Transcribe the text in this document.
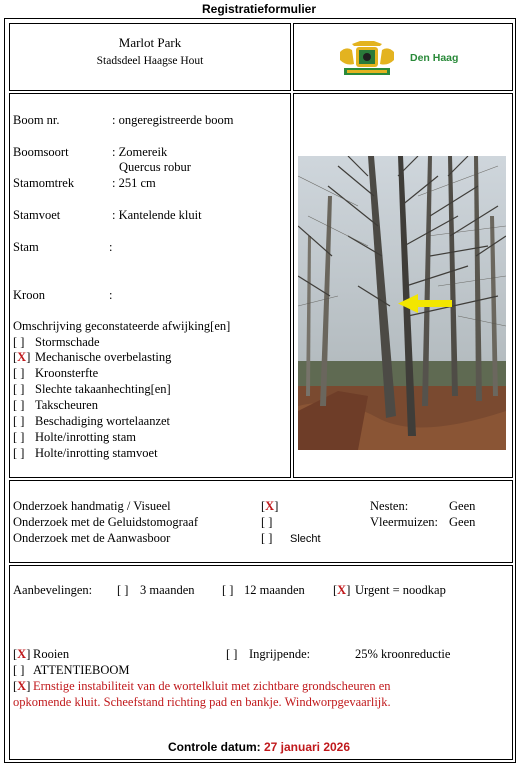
Registratieformulier
Marlot Park
Stadsdeel Haagse Hout	Den Haag
Boom nr.	: ongeregistreerde boom
Boomsoort	: Zomereik
Quercus robur
Stamomtrek	: 251 cm
Stamvoet	: Kantelende kluit
Stam	:
Kroon	:
Omschrijving geconstateerde afwijking[en]
[ ] Stormschade
[X] Mechanische overbelasting
[ ] Kroonsterfte
[ ] Slechte takaanhechting[en]
[ ] Takscheuren
[ ] Beschadiging wortelaanzet
[ ] Holte/inrotting stam
[ ] Holte/inrotting stamvoet
Onderzoek handmatig / Visueel	[X]	Nesten:	Geen
Onderzoek met de Geluidstomograaf	[ ]	Vleermuizen: Geen
Onderzoek met de Aanwasboor	[ ] Slecht
Aanbevelingen: [ ] 3 maanden [ ] 12 maanden [X] Urgent = noodkap
[X] Rooien	[ ] Ingrijpende:	25% kroonreductie
[ ] ATTENTIEBOOM
[X] Ernstige instabiliteit van de wortelkluit met zichtbare grondscheuren en
opkomende kluit. Scheefstand richting pad en bankje. Windworpgevaarlijk.
Controle datum: 27 januari 2026
